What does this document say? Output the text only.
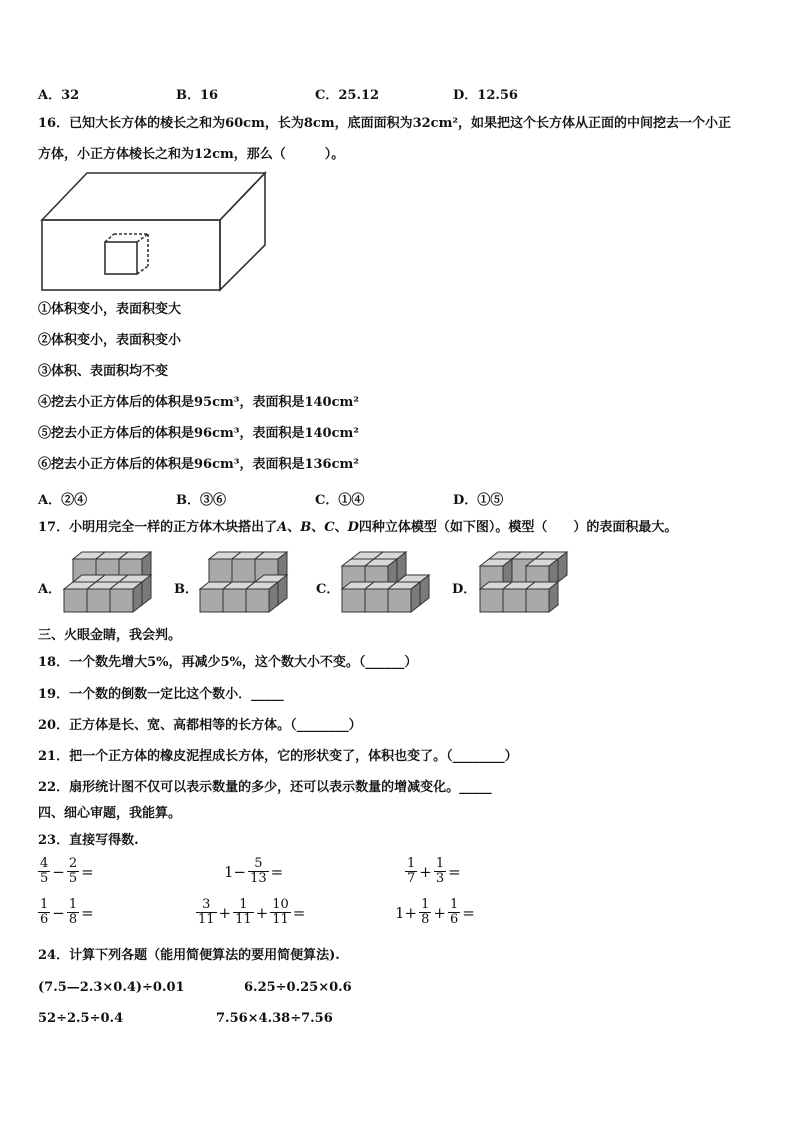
A．32	B．16	C．25.12	D．12.56
16．已知大长方体的棱长之和为60cm，长为8cm，底面面积为32cm²，如果把这个长方体从正面的中间挖去一个小正
方体，小正方体棱长之和为12cm，那么（　　　）。
①体积变小，表面积变大
②体积变小，表面积变小
③体积、表面积均不变
④挖去小正方体后的体积是95cm³，表面积是140cm²
⑤挖去小正方体后的体积是96cm³，表面积是140cm²
⑥挖去小正方体后的体积是96cm³，表面积是136cm²
A．②④	B．③⑥	C．①④	D．①⑤
17．小明用完全一样的正方体木块搭出了A、B、C、D四种立体模型（如下图）。模型（　　）的表面积最大。
A．	B．	C．	D．
三、火眼金睛，我会判。
18．一个数先增大5%，再减少5%，这个数大小不变。（______）
19．一个数的倒数一定比这个数小．_____
20．正方体是长、宽、高都相等的长方体。（________）
21．把一个正方体的橡皮泥捏成长方体，它的形状变了，体积也变了。（________）
22．扇形统计图不仅可以表示数量的多少，还可以表示数量的增减变化。_____
四、细心审题，我能算。
23．直接写得数.
$\frac{4}{5} - \frac{2}{5}$ =	$1- \frac{5}{13}$ =	$\frac{1}{7} + \frac{1}{3}$ =
$\frac{1}{6} - \frac{1}{8}$ =	$\frac{3}{11} + \frac{1}{11} + \frac{10}{11}$ =	$1+ \frac{1}{8} + \frac{1}{6}$ =
24．计算下列各题（能用简便算法的要用简便算法).
(7.5—2.3×0.4)÷0.01	6.25÷0.25×0.6
52÷2.5÷0.4	7.56×4.38÷7.56
